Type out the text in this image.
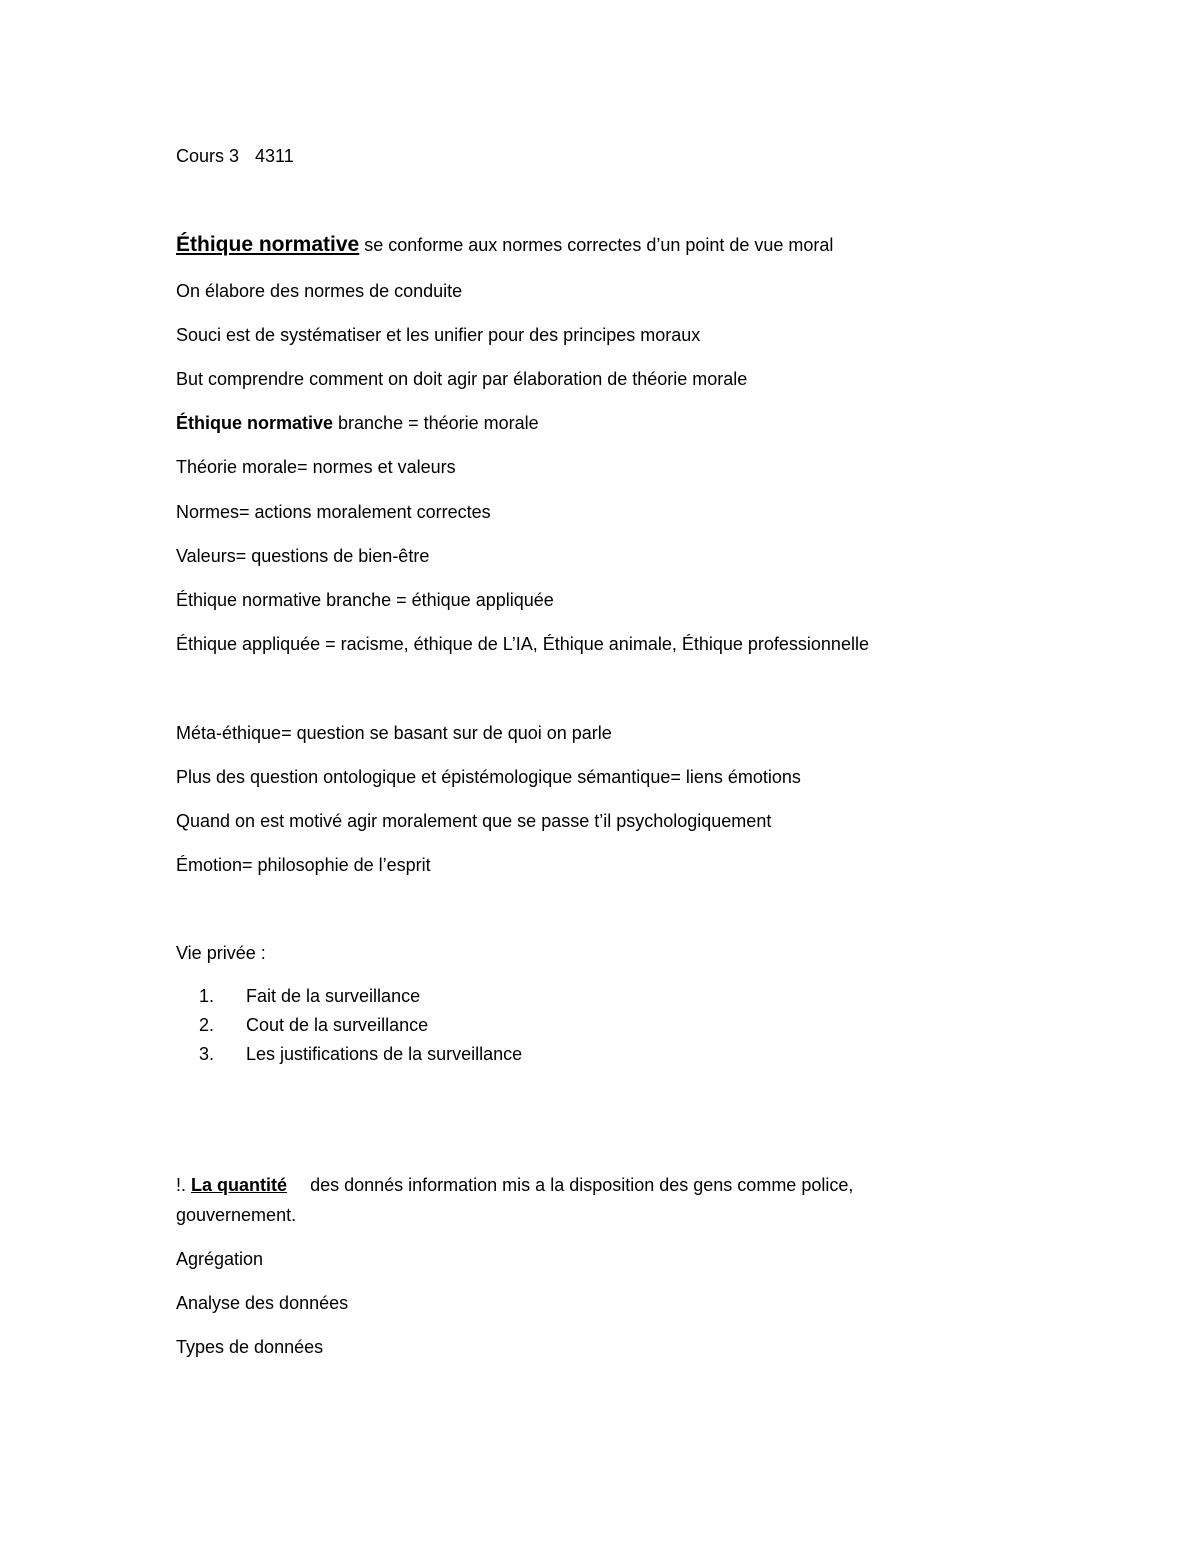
Cours 3 4311
Éthique normative se conforme aux normes correctes d’un point de vue moral
On élabore des normes de conduite
Souci est de systématiser et les unifier pour des principes moraux
But comprendre comment on doit agir par élaboration de théorie morale
Éthique normative branche = théorie morale
Théorie morale= normes et valeurs
Normes= actions moralement correctes
Valeurs= questions de bien-être
Éthique normative branche = éthique appliquée
Éthique appliquée = racisme, éthique de L’IA, Éthique animale, Éthique professionnelle
Méta-éthique= question se basant sur de quoi on parle
Plus des question ontologique et épistémologique sémantique= liens émotions
Quand on est motivé agir moralement que se passe t’il psychologiquement
Émotion= philosophie de l’esprit
Vie privée :
1. Fait de la surveillance
2. Cout de la surveillance
3. Les justifications de la surveillance
!. La quantité des donnés information mis a la disposition des gens comme police, gouvernement.
Agrégation
Analyse des données
Types de données
